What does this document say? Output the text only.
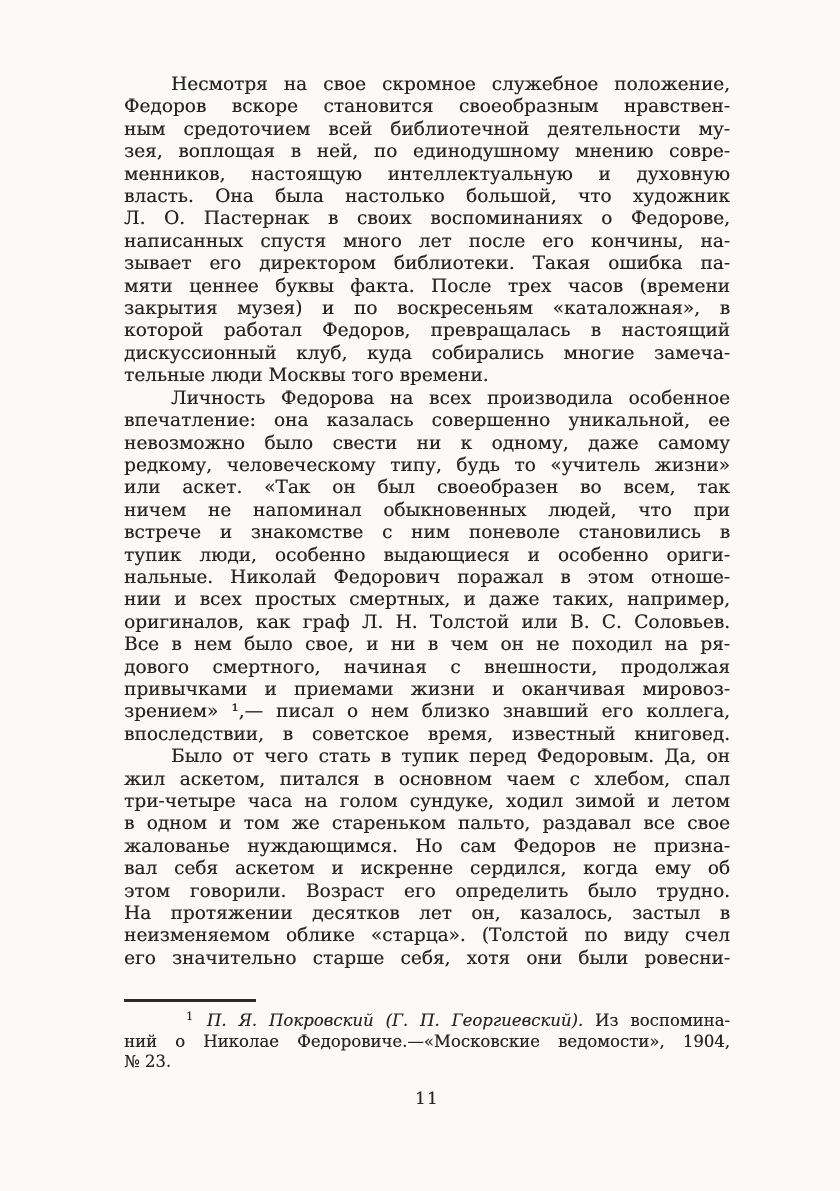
Несмотря на свое скромное служебное положение,
Федоров вскоре становится своеобразным нравствен-
ным средоточием всей библиотечной деятельности му-
зея, воплощая в ней, по единодушному мнению совре-
менников, настоящую интеллектуальную и духовную
власть. Она была настолько большой, что художник
Л. О. Пастернак в своих воспоминаниях о Федорове,
написанных спустя много лет после его кончины, на-
зывает его директором библиотеки. Такая ошибка па-
мяти ценнее буквы факта. После трех часов (времени
закрытия музея) и по воскресеньям «каталожная», в
которой работал Федоров, превращалась в настоящий
дискуссионный клуб, куда собирались многие замеча-
тельные люди Москвы того времени.
Личность Федорова на всех производила особенное
впечатление: она казалась совершенно уникальной, ее
невозможно было свести ни к одному, даже самому
редкому, человеческому типу, будь то «учитель жизни»
или аскет. «Так он был своеобразен во всем, так
ничем не напоминал обыкновенных людей, что при
встрече и знакомстве с ним поневоле становились в
тупик люди, особенно выдающиеся и особенно ориги-
нальные. Николай Федорович поражал в этом отноше-
нии и всех простых смертных, и даже таких, например,
оригиналов, как граф Л. Н. Толстой или В. С. Соловьев.
Все в нем было свое, и ни в чем он не походил на ря-
дового смертного, начиная с внешности, продолжая
привычками и приемами жизни и оканчивая мировоз-
зрением» ¹,— писал о нем близко знавший его коллега,
впоследствии, в советское время, известный книговед.
Было от чего стать в тупик перед Федоровым. Да, он
жил аскетом, питался в основном чаем с хлебом, спал
три-четыре часа на голом сундуке, ходил зимой и летом
в одном и том же стареньком пальто, раздавал все свое
жалованье нуждающимся. Но сам Федоров не призна-
вал себя аскетом и искренне сердился, когда ему об
этом говорили. Возраст его определить было трудно.
На протяжении десятков лет он, казалось, застыл в
неизменяемом облике «старца». (Толстой по виду счел
его значительно старше себя, хотя они были ровесни-
$^1$ П. Я. Покровский (Г. П. Георгиевский). Из воспомина-
ний о Николае Федоровиче.—«Московские ведомости», 1904,
№ 23.
11
